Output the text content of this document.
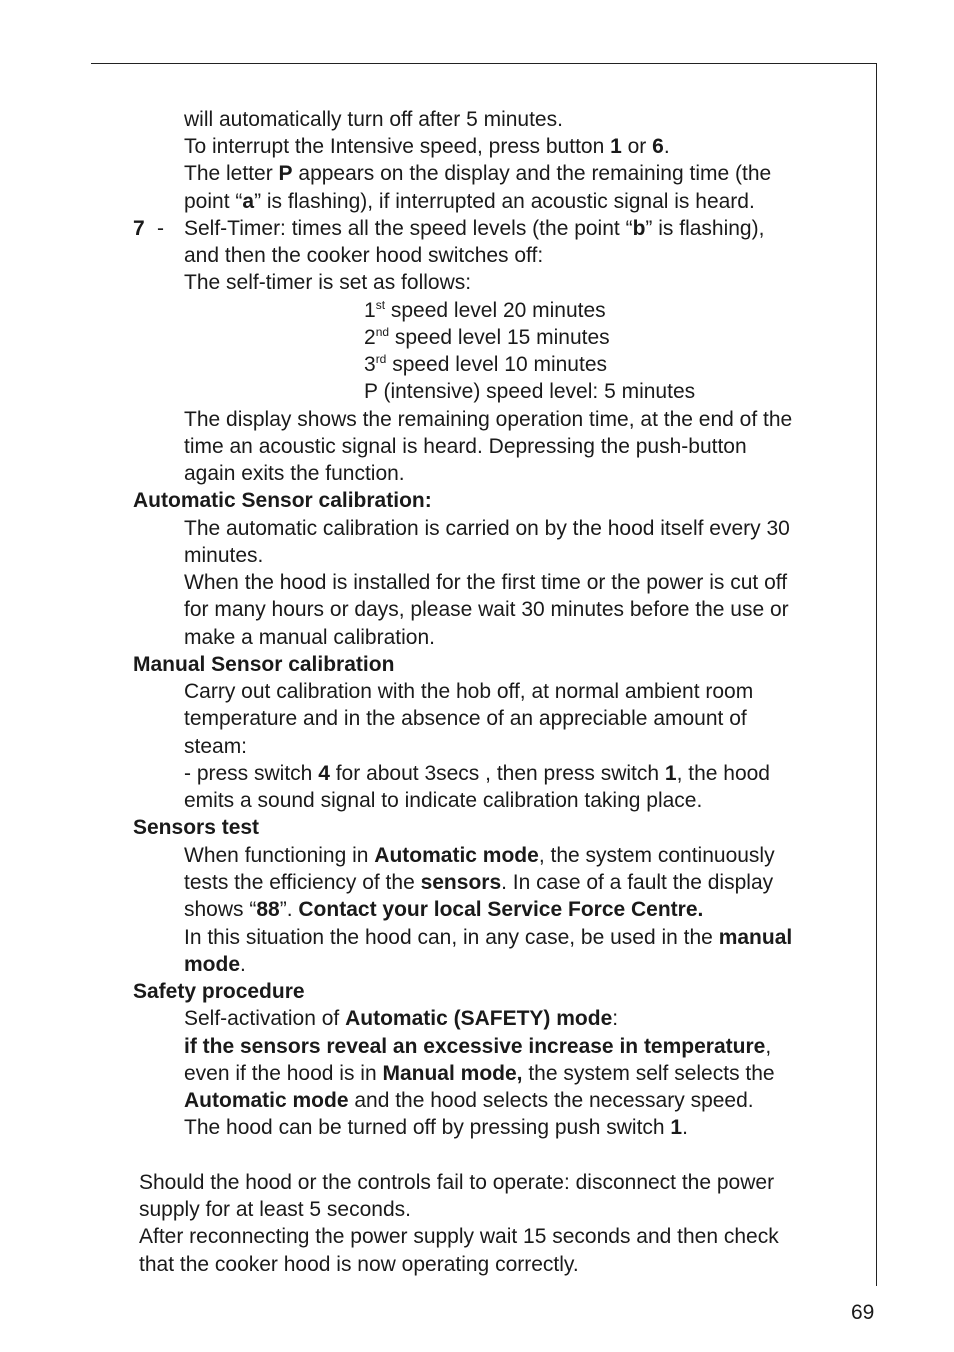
will automatically turn off after 5 minutes.
To interrupt the Intensive speed, press button 1 or 6.
The letter P appears on the display and the remaining time (the
point “a” is flashing), if interrupted an acoustic signal is heard.
7 - Self-Timer: times all the speed levels (the point “b” is flashing),
and then the cooker hood switches off:
The self-timer is set as follows:
1st speed level 20 minutes
2nd speed level 15 minutes
3rd speed level 10 minutes
P (intensive) speed level: 5 minutes
The display shows the remaining operation time, at the end of the
time an acoustic signal is heard. Depressing the push-button
again exits the function.
Automatic Sensor calibration:
The automatic calibration is carried on by the hood itself every 30
minutes.
When the hood is installed for the first time or the power is cut off
for many hours or days, please wait 30 minutes before the use or
make a manual calibration.
Manual Sensor calibration
Carry out calibration with the hob off, at normal ambient room
temperature and in the absence of an appreciable amount of
steam:
- press switch 4 for about 3secs , then press switch 1, the hood
emits a sound signal to indicate calibration taking place.
Sensors test
When functioning in Automatic mode, the system continuously
tests the efficiency of the sensors. In case of a fault the display
shows “88”. Contact your local Service Force Centre.
In this situation the hood can, in any case, be used in the manual
mode.
Safety procedure
Self-activation of Automatic (SAFETY) mode:
if the sensors reveal an excessive increase in temperature,
even if the hood is in Manual mode, the system self selects the
Automatic mode and the hood selects the necessary speed.
The hood can be turned off by pressing push switch 1.
Should the hood or the controls fail to operate: disconnect the power
supply for at least 5 seconds.
After reconnecting the power supply wait 15 seconds and then check
that the cooker hood is now operating correctly.
69
